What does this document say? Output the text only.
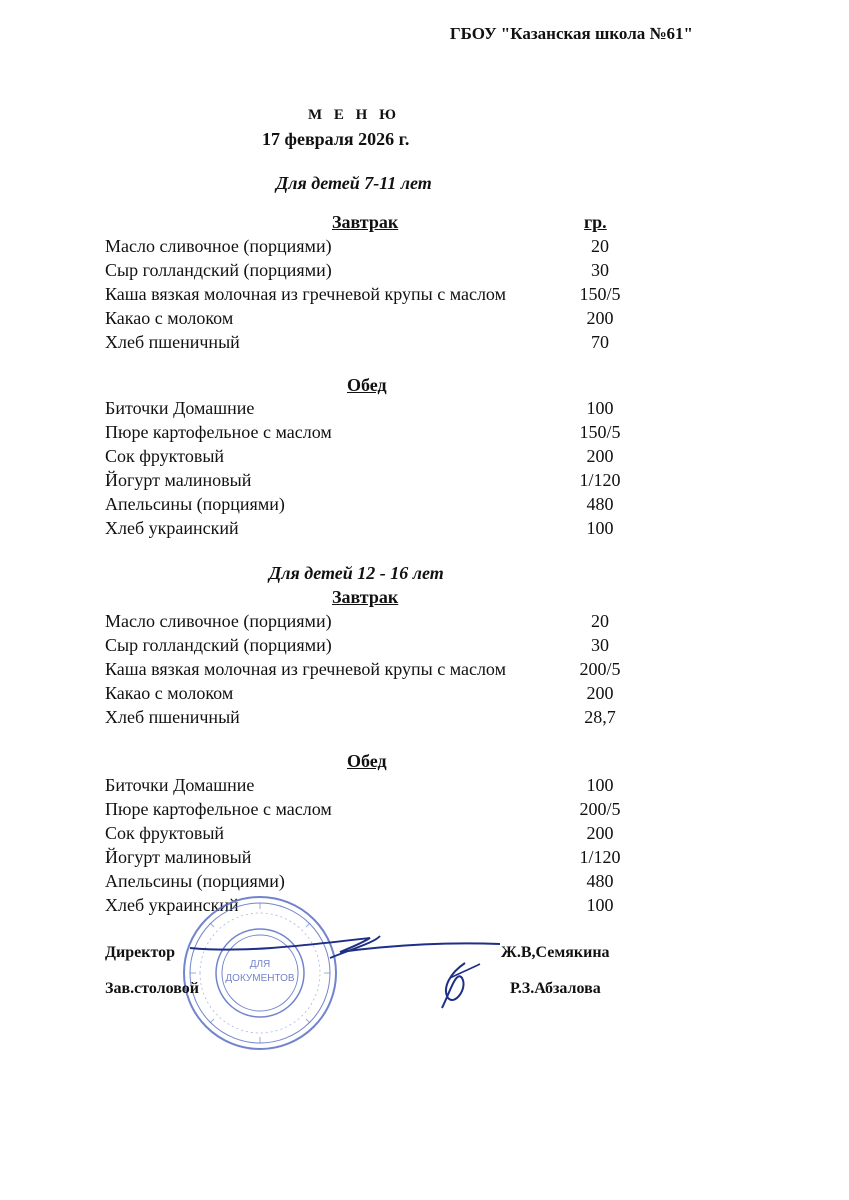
ГБОУ "Казанская школа №61"
М Е Н Ю
17 февраля 2026 г.
Для детей 7-11 лет
Завтрак	гр.
Масло сливочное (порциями)	20
Сыр голландский (порциями)	30
Каша вязкая молочная из гречневой крупы с маслом	150/5
Какао с молоком	200
Хлеб пшеничный	70
Обед
Биточки Домашние	100
Пюре картофельное с маслом	150/5
Сок фруктовый	200
Йогурт малиновый	1/120
Апельсины (порциями)	480
Хлеб украинский	100
Для детей 12 - 16 лет
Завтрак
Масло сливочное (порциями)	20
Сыр голландский (порциями)	30
Каша вязкая молочная из гречневой крупы с маслом	200/5
Какао с молоком	200
Хлеб пшеничный	28,7
Обед
Биточки Домашние	100
Пюре картофельное с маслом	200/5
Сок фруктовый	200
Йогурт малиновый	1/120
Апельсины (порциями)	480
Хлеб украинский	100
ДЛЯ
ДОКУМЕНТОВ
Директор	Ж.В,Семякина
Зав.столовой	Р.З.Абзалова
